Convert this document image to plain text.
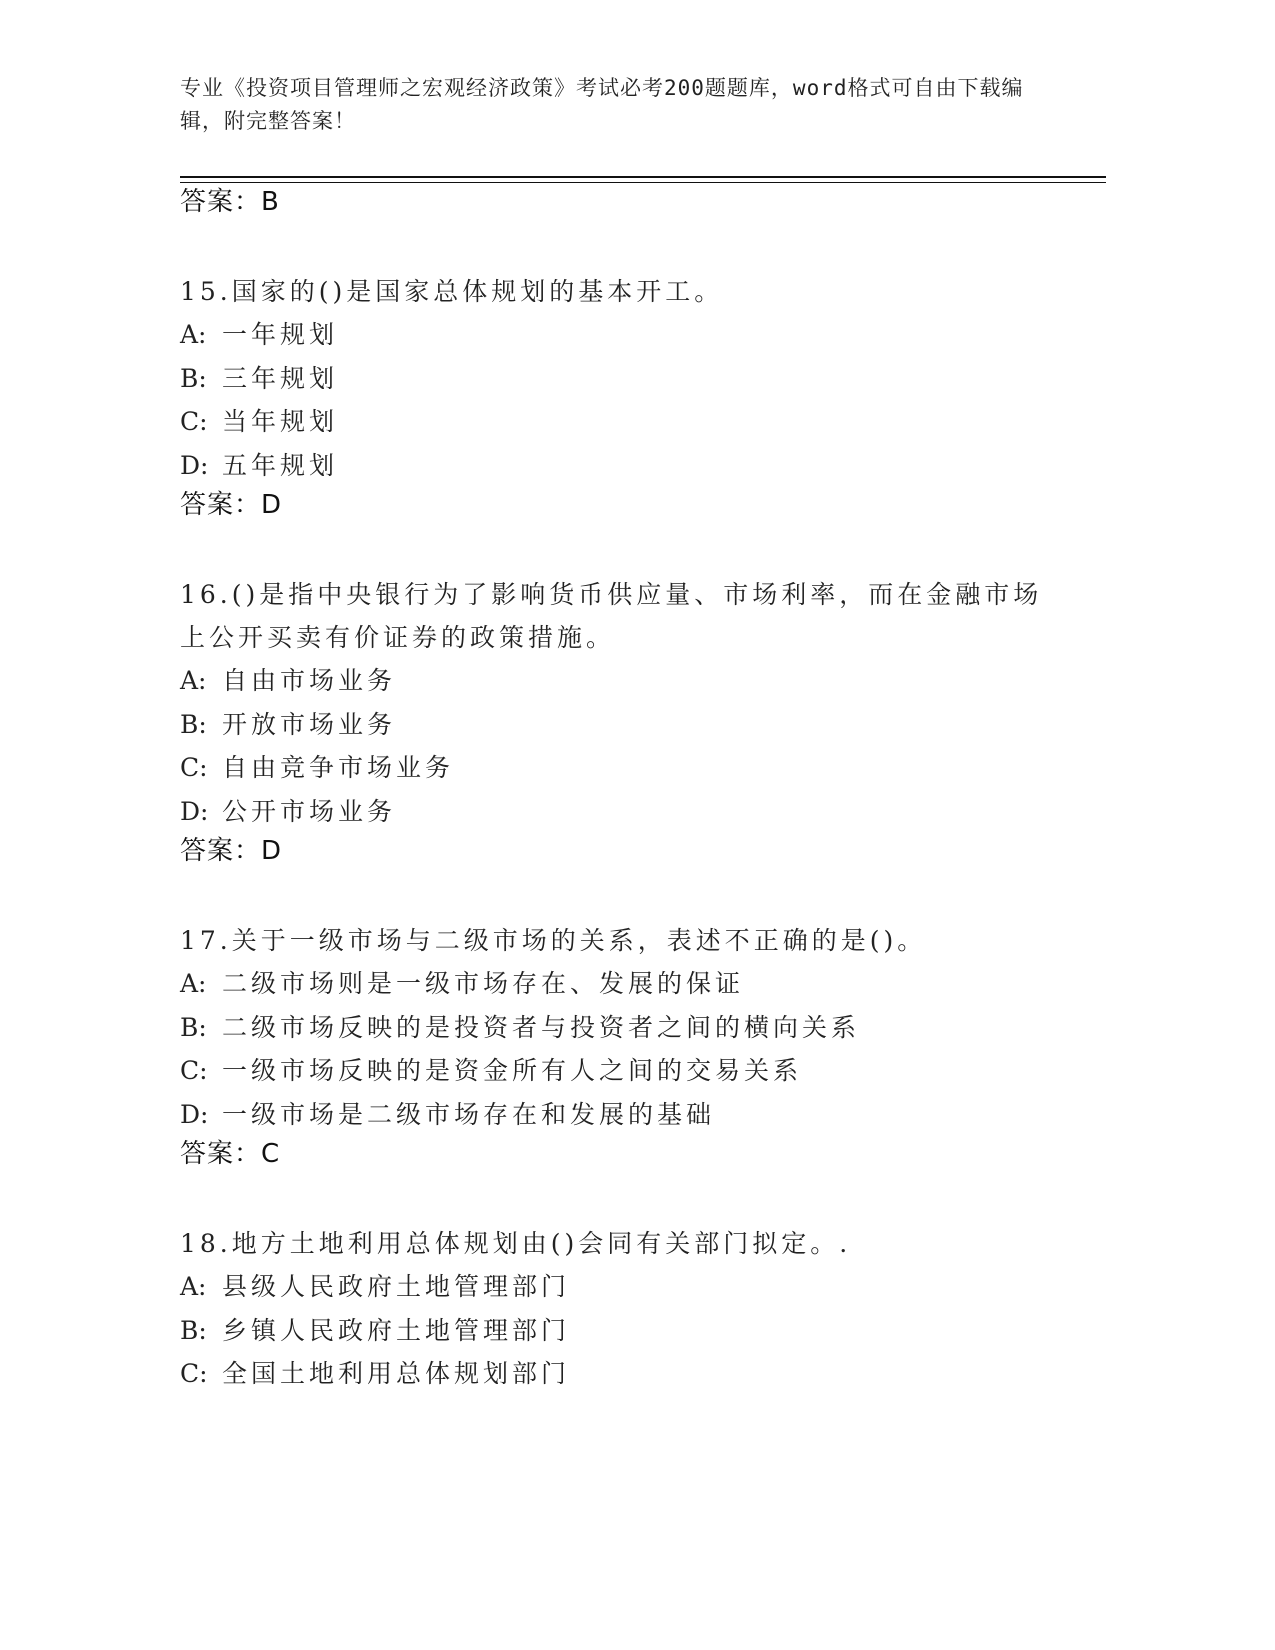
专业《投资项目管理师之宏观经济政策》考试必考200题题库，word格式可自由下载编辑，附完整答案！
答案：B
15.国家的()是国家总体规划的基本开工。
A: 一年规划
B: 三年规划
C: 当年规划
D: 五年规划
答案：D
16.()是指中央银行为了影响货币供应量、市场利率，而在金融市场上公开买卖有价证券的政策措施。
A: 自由市场业务
B: 开放市场业务
C: 自由竞争市场业务
D: 公开市场业务
答案：D
17.关于一级市场与二级市场的关系，表述不正确的是()。
A: 二级市场则是一级市场存在、发展的保证
B: 二级市场反映的是投资者与投资者之间的横向关系
C: 一级市场反映的是资金所有人之间的交易关系
D: 一级市场是二级市场存在和发展的基础
答案：C
18.地方土地利用总体规划由()会同有关部门拟定。.
A: 县级人民政府土地管理部门
B: 乡镇人民政府土地管理部门
C: 全国土地利用总体规划部门
